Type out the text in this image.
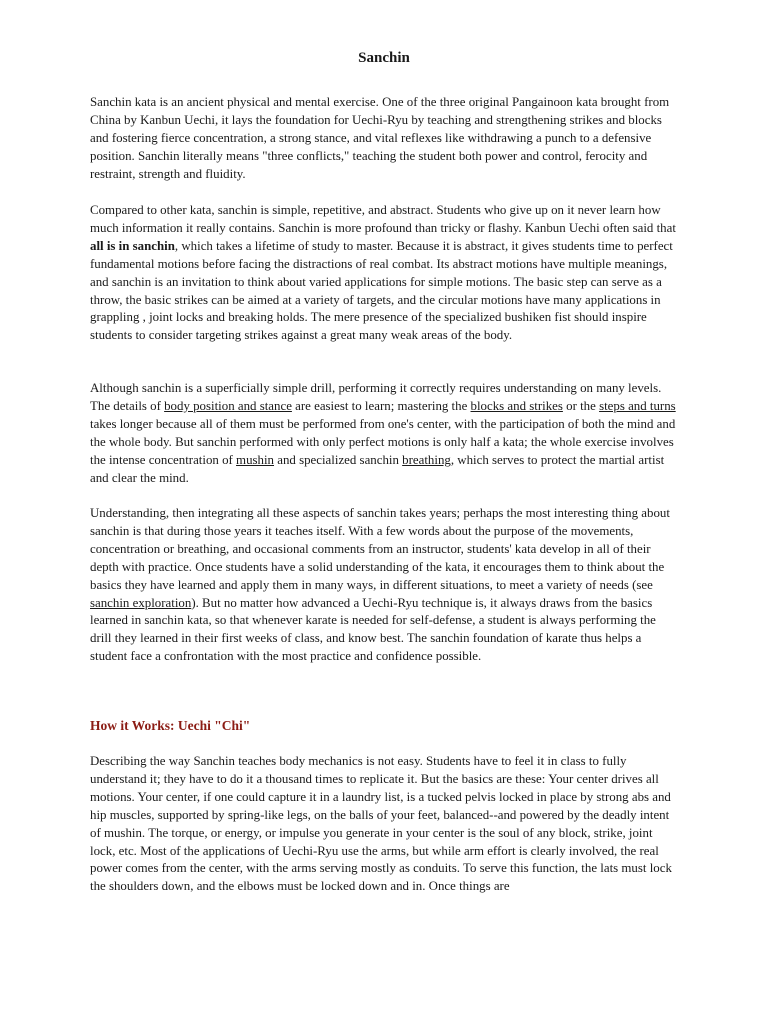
Sanchin

Sanchin kata is an ancient physical and mental exercise. One of the three original Pangainoon kata brought from China by Kanbun Uechi, it lays the foundation for Uechi-Ryu by teaching and strengthening strikes and blocks and fostering fierce concentration, a strong stance, and vital reflexes like withdrawing a punch to a defensive position. Sanchin literally means "three conflicts," teaching the student both power and control, ferocity and restraint, strength and fluidity.

Compared to other kata, sanchin is simple, repetitive, and abstract. Students who give up on it never learn how much information it really contains. Sanchin is more profound than tricky or flashy. Kanbun Uechi often said that all is in sanchin, which takes a lifetime of study to master. Because it is abstract, it gives students time to perfect fundamental motions before facing the distractions of real combat. Its abstract motions have multiple meanings, and sanchin is an invitation to think about varied applications for simple motions. The basic step can serve as a throw, the basic strikes can be aimed at a variety of targets, and the circular motions have many applications in grappling , joint locks and breaking holds. The mere presence of the specialized bushiken fist should inspire students to consider targeting strikes against a great many weak areas of the body.

Although sanchin is a superficially simple drill, performing it correctly requires understanding on many levels. The details of body position and stance are easiest to learn; mastering the blocks and strikes or the steps and turns takes longer because all of them must be performed from one's center, with the participation of both the mind and the whole body. But sanchin performed with only perfect motions is only half a kata; the whole exercise involves the intense concentration of mushin and specialized sanchin breathing, which serves to protect the martial artist and clear the mind.

Understanding, then integrating all these aspects of sanchin takes years; perhaps the most interesting thing about sanchin is that during those years it teaches itself. With a few words about the purpose of the movements, concentration or breathing, and occasional comments from an instructor, students' kata develop in all of their depth with practice. Once students have a solid understanding of the kata, it encourages them to think about the basics they have learned and apply them in many ways, in different situations, to meet a variety of needs (see sanchin exploration). But no matter how advanced a Uechi-Ryu technique is, it always draws from the basics learned in sanchin kata, so that whenever karate is needed for self-defense, a student is always performing the drill they learned in their first weeks of class, and know best. The sanchin foundation of karate thus helps a student face a confrontation with the most practice and confidence possible.

How it Works: Uechi "Chi"

Describing the way Sanchin teaches body mechanics is not easy. Students have to feel it in class to fully understand it; they have to do it a thousand times to replicate it. But the basics are these: Your center drives all motions. Your center, if one could capture it in a laundry list, is a tucked pelvis locked in place by strong abs and hip muscles, supported by spring-like legs, on the balls of your feet, balanced--and powered by the deadly intent of mushin. The torque, or energy, or impulse you generate in your center is the soul of any block, strike, joint lock, etc. Most of the applications of Uechi-Ryu use the arms, but while arm effort is clearly involved, the real power comes from the center, with the arms serving mostly as conduits. To serve this function, the lats must lock the shoulders down, and the elbows must be locked down and in. Once things are
